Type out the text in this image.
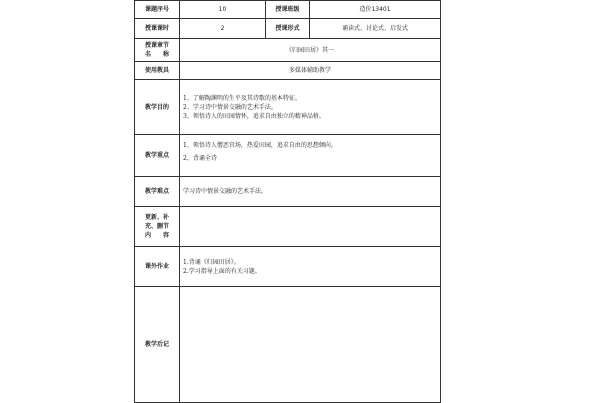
课题序号	10	授课班级	造价13401
授课课时	2	授课形式	诵读式、讨论式、启发式

授课章节
名　　称	《归园田居》其一		
使用教具	多媒体辅助教学		
教学目的	1、了解陶渊明的生平及其诗歌的基本特征。
2、学习诗中情景交融的艺术手法。
3、领悟诗人的田园情怀，追求自由独立的精神品格。		

教学重点	1、领悟诗人憎恶官场，热爱田园，追求自由的思想倾向。
2、背诵全诗		

教学难点	学习诗中情景交融的艺术手法。		

更新、补
充、删节
内　　容			

课外作业	1.背诵《归园田居》。
2.学习指导上面的有关习题。		

教学后记			
